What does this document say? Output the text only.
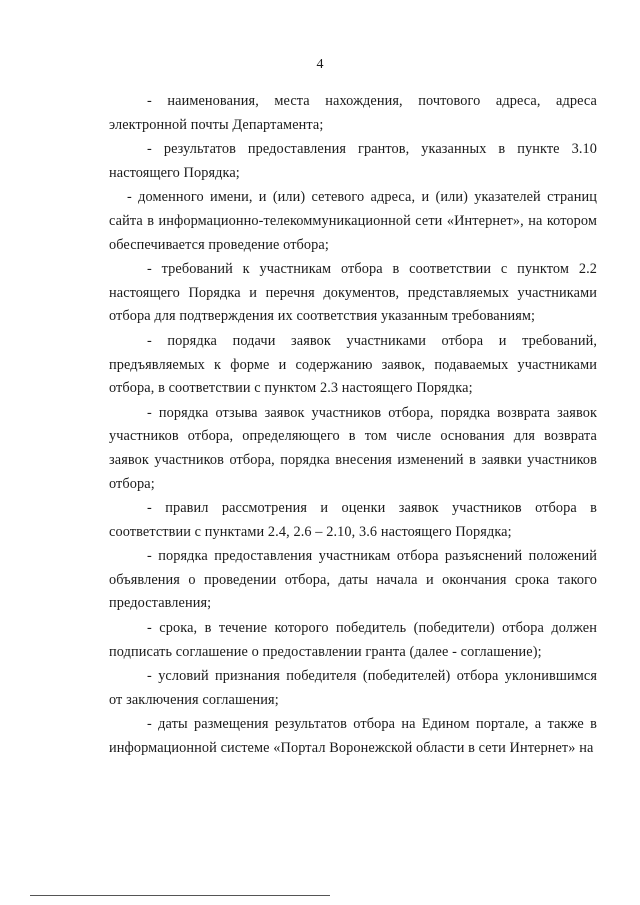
4

- наименования, места нахождения, почтового адреса, адреса электронной почты Департамента;

- результатов предоставления грантов, указанных в пункте 3.10 настоящего Порядка;

- доменного имени, и (или) сетевого адреса, и (или) указателей страниц сайта в информационно-телекоммуникационной сети «Интернет», на котором обеспечивается проведение отбора;

- требований к участникам отбора в соответствии с пунктом 2.2 настоящего Порядка и перечня документов, представляемых участниками отбора для подтверждения их соответствия указанным требованиям;

- порядка подачи заявок участниками отбора и требований, предъявляемых к форме и содержанию заявок, подаваемых участниками отбора, в соответствии с пунктом 2.3 настоящего Порядка;

- порядка отзыва заявок участников отбора, порядка возврата заявок участников отбора, определяющего в том числе основания для возврата заявок участников отбора, порядка внесения изменений в заявки участников отбора;

- правил рассмотрения и оценки заявок участников отбора в соответствии с пунктами 2.4, 2.6 – 2.10, 3.6 настоящего Порядка;

- порядка предоставления участникам отбора разъяснений положений объявления о проведении отбора, даты начала и окончания срока такого предоставления;

- срока, в течение которого победитель (победители) отбора должен подписать соглашение о предоставлении гранта (далее - соглашение);

- условий признания победителя (победителей) отбора уклонившимся от заключения соглашения;

- даты размещения результатов отбора на Едином портале, а также в информационной системе «Портал Воронежской области в сети Интернет» на
